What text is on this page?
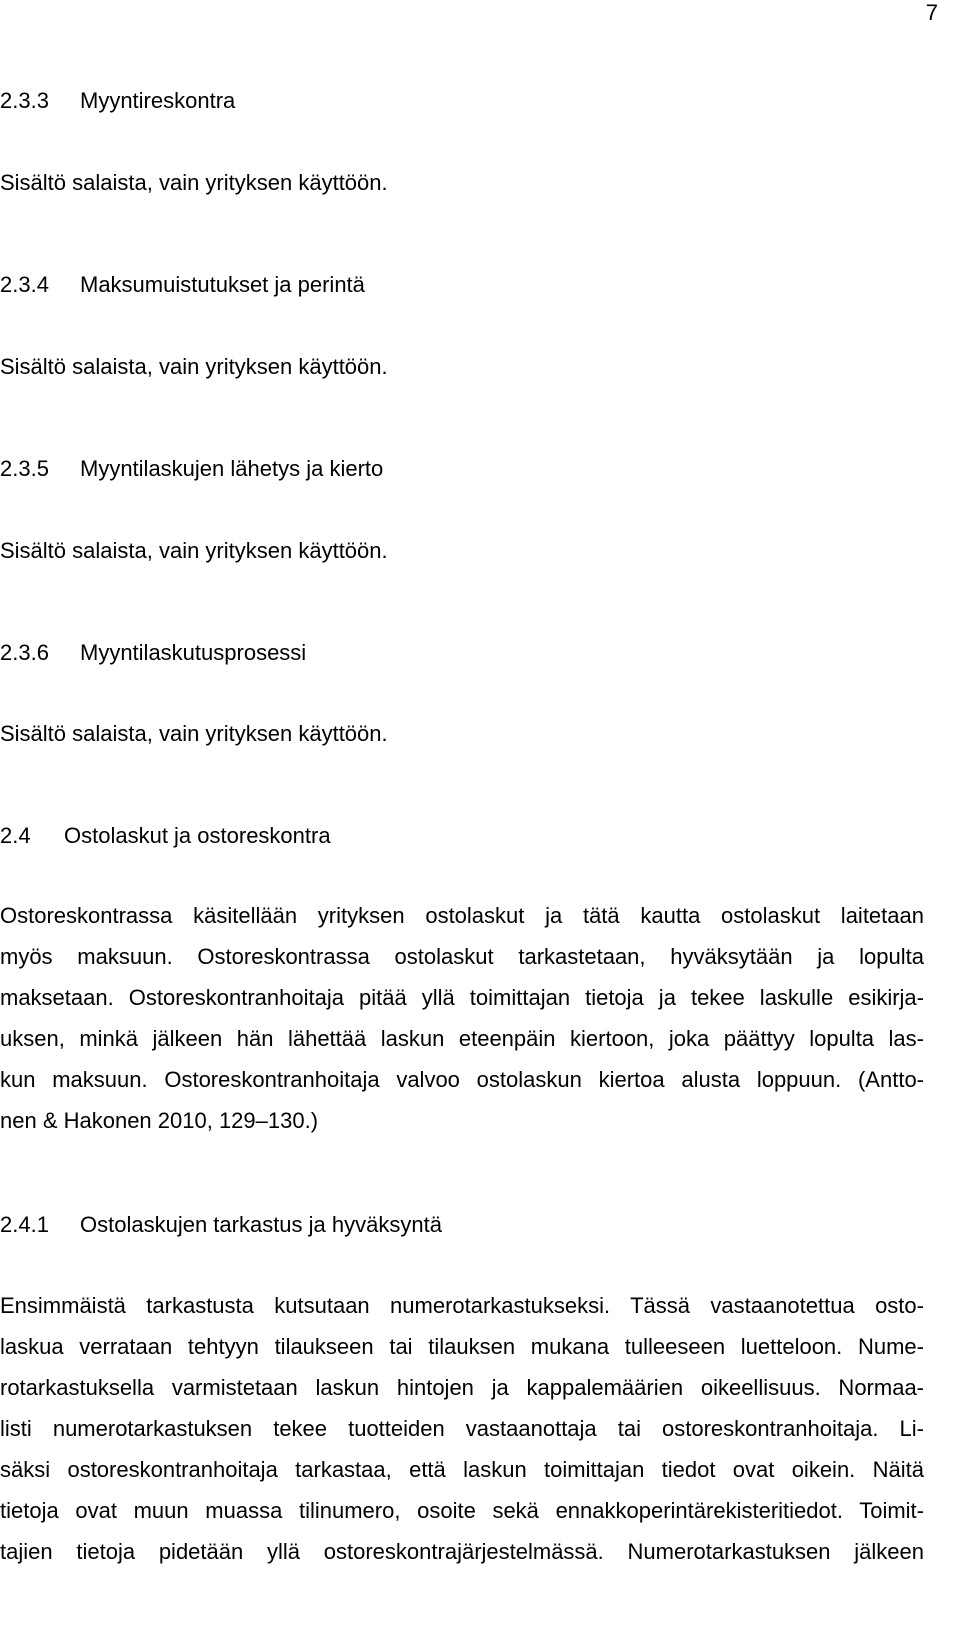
7
2.3.3 Myyntireskontra
Sisältö salaista, vain yrityksen käyttöön.
2.3.4 Maksumuistutukset ja perintä
Sisältö salaista, vain yrityksen käyttöön.
2.3.5 Myyntilaskujen lähetys ja kierto
Sisältö salaista, vain yrityksen käyttöön.
2.3.6 Myyntilaskutusprosessi
Sisältö salaista, vain yrityksen käyttöön.
2.4 Ostolaskut ja ostoreskontra
Ostoreskontrassa käsitellään yrityksen ostolaskut ja tätä kautta ostolaskut laitetaan
myös maksuun. Ostoreskontrassa ostolaskut tarkastetaan, hyväksytään ja lopulta
maksetaan. Ostoreskontranhoitaja pitää yllä toimittajan tietoja ja tekee laskulle esikirja-
uksen, minkä jälkeen hän lähettää laskun eteenpäin kiertoon, joka päättyy lopulta las-
kun maksuun. Ostoreskontranhoitaja valvoo ostolaskun kiertoa alusta loppuun. (Antto-
nen & Hakonen 2010, 129–130.)
2.4.1 Ostolaskujen tarkastus ja hyväksyntä
Ensimmäistä tarkastusta kutsutaan numerotarkastukseksi. Tässä vastaanotettua osto-
laskua verrataan tehtyyn tilaukseen tai tilauksen mukana tulleeseen luetteloon. Nume-
rotarkastuksella varmistetaan laskun hintojen ja kappalemäärien oikeellisuus. Normaa-
listi numerotarkastuksen tekee tuotteiden vastaanottaja tai ostoreskontranhoitaja. Li-
säksi ostoreskontranhoitaja tarkastaa, että laskun toimittajan tiedot ovat oikein. Näitä
tietoja ovat muun muassa tilinumero, osoite sekä ennakkoperintärekisteritiedot. Toimit-
tajien tietoja pidetään yllä ostoreskontrajärjestelmässä. Numerotarkastuksen jälkeen
